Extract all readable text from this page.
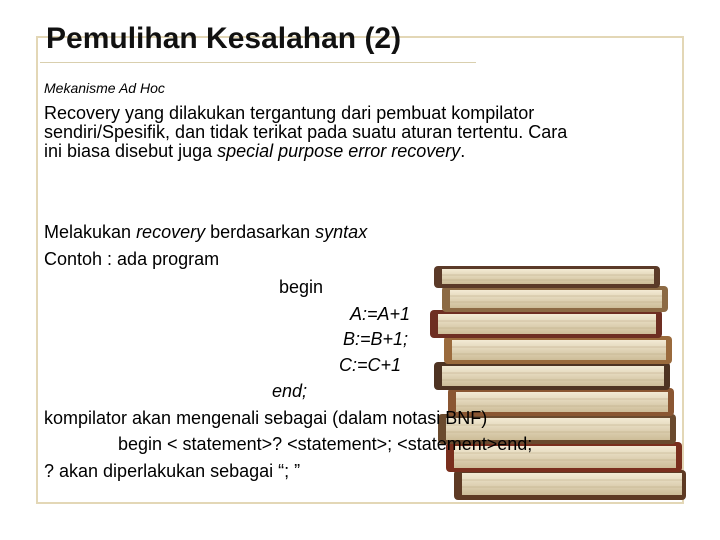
Pemulihan Kesalahan (2)
Mekanisme Ad Hoc
Recovery yang dilakukan tergantung dari pembuat kompilator
sendiri/Spesifik, dan tidak terikat pada suatu aturan tertentu. Cara
ini biasa disebut juga special purpose error recovery.
Syntax Directed Recovery
Melakukan recovery berdasarkan syntax
Contoh : ada program
begin
A:=A+1
B:=B+1;
C:=C+1
end;
kompilator akan mengenali sebagai (dalam notasi BNF)
begin < statement>? <statement>; <statement>end;
? akan diperlakukan sebagai “; ”
